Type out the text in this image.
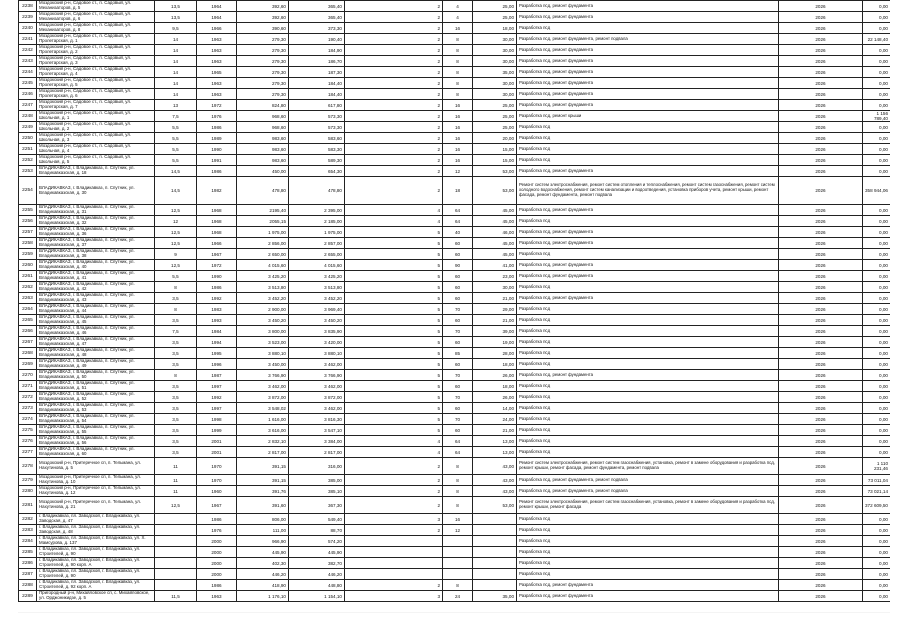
2238	Моздокский р-н, Садовое ст., п. Садовый, ул. Механизаторов, д. 5	13,5	1964	392,60	365,40	2	4	25,00	Разработка псд, ремонт фундамента	2026	0,00
2239	Моздокский р-н, Садовое ст., п. Садовый, ул. Механизаторов, д. 6	13,5	1964	392,60	365,40	2	4	25,00	Разработка псд, ремонт фундамента	2026	0,00
2240	Моздокский р-н, Садовое ст., п. Садовый, ул. Механизаторов, д. 8	9,5	1966	390,60	373,30	2	16	18,00	Разработка псд	2026	0,00
2241	Моздокский р-н, Садовое ст., п. Садовый, ул. Пролетарская, д. 1	14	1963	279,30	190,40	2	8	30,00	Разработка псд, ремонт фундамента, ремонт подвала	2026	22 148,40
2242	Моздокский р-н, Садовое ст., п. Садовый, ул. Пролетарская, д. 2	14	1963	279,30	184,90	2	8	30,00	Разработка псд, ремонт фундамента	2026	0,00
2243	Моздокский р-н, Садовое ст., п. Садовый, ул. Пролетарская, д. 3	14	1963	279,30	186,70	2	8	30,00	Разработка псд, ремонт фундамента	2026	0,00
2244	Моздокский р-н, Садовое ст., п. Садовый, ул. Пролетарская, д. 4	14	1965	279,30	187,30	2	8	35,00	Разработка псд, ремонт фундамента	2026	0,00
2245	Моздокский р-н, Садовое ст., п. Садовый, ул. Пролетарская, д. 5	14	1963	279,30	184,40	2	8	30,00	Разработка псд, ремонт фундамента	2026	0,00
2246	Моздокский р-н, Садовое ст., п. Садовый, ул. Пролетарская, д. 6	14	1963	279,30	184,40	2	8	30,00	Разработка псд, ремонт фундамента	2026	0,00
2247	Моздокский р-н, Садовое ст., п. Садовый, ул. Пролетарская, д. 7	13	1972	824,80	617,80	2	16	25,00	Разработка псд, ремонт фундамента	2026	0,00
2248	Моздокский р-н, Садовое ст., п. Садовый, ул. Школьная, д. 1	7,5	1976	968,60	573,30	2	16	25,00	Разработка псд, ремонт крыши	2026	1 156 789,40
2249	Моздокский р-н, Садовое ст., п. Садовый, ул. Школьная, д. 2	5,5	1986	968,60	573,30	2	16	25,00	Разработка псд	2026	0,00
2250	Моздокский р-н, Садовое ст., п. Садовый, ул. Школьная, д. 3	5,5	1989	983,60	583,60	2	16	20,00	Разработка псд	2026	0,00
2251	Моздокский р-н, Садовое ст., п. Садовый, ул. Школьная, д. 4	5,5	1990	983,60	583,30	2	16	15,00	Разработка псд	2026	0,00
2252	Моздокский р-н, Садовое ст., п. Садовый, ул. Школьная, д. 5	5,5	1991	983,60	589,30	2	16	15,00	Разработка псд	2026	0,00
2253	ВЛАДИКАВКАЗ, г. Владикавказ, п. Спутник, ул. Владикавказская, д. 18	14,5	1986	450,00	654,30	2	12	53,00	Разработка псд, ремонт фундамента	2026	0,00
2254	ВЛАДИКАВКАЗ, г. Владикавказ, п. Спутник, ул. Владикавказская, д. 30	14,5	1982	478,80	478,80	2	18	53,00	Ремонт систем электроснабжения, ремонт систем отопления и теплоснабжения, ремонт систем газоснабжения, ремонт систем холодного водоснабжения, ремонт систем канализации и водоотведения, установка приборов учета, ремонт крыши, ремонт фасада, ремонт фундамента, ремонт подвала	2026	358 944,06
2255	ВЛАДИКАВКАЗ, г. Владикавказ, п. Спутник, ул. Владикавказская, д. 31	12,5	1968	2195,40	2 395,00	4	64	45,00	Разработка псд, ремонт фундамента	2026	0,00
2256	ВЛАДИКАВКАЗ, г. Владикавказ, п. Спутник, ул. Владикавказская, д. 32	12	1968	2055,15	2 185,00	4	64	45,00	Разработка псд	2026	0,00
2257	ВЛАДИКАВКАЗ, г. Владикавказ, п. Спутник, ул. Владикавказская, д. 36	12,5	1968	1 975,00	1 975,00	5	40	46,00	Разработка псд, ремонт фундамента	2026	0,00
2258	ВЛАДИКАВКАЗ, г. Владикавказ, п. Спутник, ул. Владикавказская, д. 37	12,5	1966	2 856,00	2 857,00	5	60	45,00	Разработка псд, ремонт фундамента	2026	0,00
2259	ВЛАДИКАВКАЗ, г. Владикавказ, п. Спутник, ул. Владикавказская, д. 38	9	1967	2 650,00	2 655,00	5	60	45,00	Разработка псд	2026	0,00
2260	ВЛАДИКАВКАЗ, г. Владикавказ, п. Спутник, ул. Владикавказская, д. 40	12,5	1972	4 015,60	4 015,60	5	90	41,00	Разработка псд, ремонт фундамента	2026	0,00
2261	ВЛАДИКАВКАЗ, г. Владикавказ, п. Спутник, ул. Владикавказская, д. 41	5,5	1990	3 425,20	3 425,20	5	60	23,00	Разработка псд, ремонт фундамента	2026	0,00
2262	ВЛАДИКАВКАЗ, г. Владикавказ, п. Спутник, ул. Владикавказская, д. 42	8	1986	3 513,80	3 513,80	5	60	30,00	Разработка псд	2026	0,00
2263	ВЛАДИКАВКАЗ, г. Владикавказ, п. Спутник, ул. Владикавказская, д. 43	3,5	1992	3 452,20	3 452,20	5	60	21,00	Разработка псд, ремонт фундамента	2026	0,00
2264	ВЛАДИКАВКАЗ, г. Владикавказ, п. Спутник, ул. Владикавказская, д. 44	8	1983	2 900,00	3 969,40	5	70	29,00	Разработка псд	2026	0,00
2265	ВЛАДИКАВКАЗ, г. Владикавказ, п. Спутник, ул. Владикавказская, д. 45	3,5	1993	3 450,20	3 450,20	5	60	21,00	Разработка псд	2026	0,00
2266	ВЛАДИКАВКАЗ, г. Владикавказ, п. Спутник, ул. Владикавказская, д. 46	7,5	1984	3 800,00	3 835,90	5	70	39,00	Разработка псд	2026	0,00
2267	ВЛАДИКАВКАЗ, г. Владикавказ, п. Спутник, ул. Владикавказская, д. 47	3,5	1994	3 523,00	3 420,00	5	60	19,00	Разработка псд	2026	0,00
2268	ВЛАДИКАВКАЗ, г. Владикавказ, п. Спутник, ул. Владикавказская, д. 48	3,5	1995	3 880,10	3 880,10	5	85	28,00	Разработка псд	2026	0,00
2269	ВЛАДИКАВКАЗ, г. Владикавказ, п. Спутник, ул. Владикавказская, д. 49	3,5	1996	3 450,00	3 462,00	5	60	18,00	Разработка псд	2026	0,00
2270	ВЛАДИКАВКАЗ, г. Владикавказ, п. Спутник, ул. Владикавказская, д. 50	8	1987	3 766,90	3 766,90	5	70	26,00	Разработка псд, ремонт фундамента	2026	0,00
2271	ВЛАДИКАВКАЗ, г. Владикавказ, п. Спутник, ул. Владикавказская, д. 51	3,5	1997	3 462,00	3 462,00	5	60	18,00	Разработка псд	2026	0,00
2272	ВЛАДИКАВКАЗ, г. Владикавказ, п. Спутник, ул. Владикавказская, д. 52	3,5	1992	3 872,00	3 872,00	5	70	26,00	Разработка псд	2026	0,00
2273	ВЛАДИКАВКАЗ, г. Владикавказ, п. Спутник, ул. Владикавказская, д. 53	3,5	1997	3 548,02	3 462,00	5	60	14,00	Разработка псд	2026	0,00
2274	ВЛАДИКАВКАЗ, г. Владикавказ, п. Спутник, ул. Владикавказская, д. 54	3,5	1998	1 616,00	3 816,30	5	70	24,00	Разработка псд	2026	0,00
2275	ВЛАДИКАВКАЗ, г. Владикавказ, п. Спутник, ул. Владикавказская, д. 55	3,5	1999	3 616,00	3 547,10	5	60	21,00	Разработка псд	2026	0,00
2276	ВЛАДИКАВКАЗ, г. Владикавказ, п. Спутник, ул. Владикавказская, д. 56	3,5	2001	2 832,10	3 384,00	4	64	13,00	Разработка псд	2026	0,00
2277	ВЛАДИКАВКАЗ, г. Владикавказ, п. Спутник, ул. Владикавказская, д. 60	3,5	2001	2 817,00	2 817,00	4	64	13,00	Разработка псд	2026	0,00
2278	Моздокский р-н, Притеречное сп, п. Тельмана, ул. Нахутинова, д. 5	11	1970	391,15	316,00	2	8	43,00	Ремонт систем электроснабжения, ремонт систем газоснабжения, установка, ремонт в замене оборудования и разработка псд, ремонт крыши, ремонт фасада, ремонт фундамента, ремонт подвала	2026	1 110 231,46
2279	Моздокский р-н, Притеречное сп, п. Тельмана, ул. Нахутинова, д. 10	11	1970	391,15	385,00	2	8	43,00	Разработка псд, ремонт фундамента, ремонт подвала	2026	73 011,04
2280	Моздокский р-н, Притеречное сп, п. Тельмана, ул. Нахутинова, д. 12	11	1960	391,76	385,10	2	8	43,00	Разработка псд, ремонт фундамента, ремонт подвала	2026	73 021,14
2281	Моздокский р-н, Притеречное сп, п. Тельмана, ул. Нахутинова, д. 21	12,5	1967	391,60	367,30	2	8	53,00	Ремонт систем электроснабжения, ремонт систем газоснабжения, установка, ремонт в замене оборудования и разработка псд, ремонт крыши, ремонт фасада	2026	372 609,50
2282	г. Владикавказ, пл. Заводской, г. Владикавказ, ул. Заводская, д. 47		1986	806,00	549,40	3	16		Разработка псд	2026	0,00
2283	г. Владикавказ, пл. Заводской, г. Владикавказ, ул. Заводская, д. 48		1976	111,00	88,70	2	12		Разработка псд	2026	0,00
2284	г. Владикавказ, пл. Заводской, г. Владикавказ, ул. Х. Мамсурова, д. 137		2000	966,90	574,20				Разработка псд	2026	0,00
2285	г. Владикавказ, пл. Заводской, г. Владикавказ, ул. Строителей, д. 90		2000	445,90	445,90				Разработка псд	2026	0,00
2286	г. Владикавказ, пл. Заводской, г. Владикавказ, ул. Строителей, д. 90 корп. А		2000	402,30	382,70				Разработка псд	2026	0,00
2287	г. Владикавказ, пл. Заводской, г. Владикавказ, ул. Строителей, д. 90		2000	446,20	446,20				Разработка псд	2026	0,00
2288	г. Владикавказ, пл. Заводской, г. Владикавказ, ул. Строителей, д. 92 корп. А		1986	418,90	448,80	2	8		Разработка псд, ремонт фундамента	2026	0,00
2289	Пригородный р-н, Михайловское сп, с. Михайловское, ул. Орджоникидзе, д. 5	11,5	1963	1 176,10	1 154,10	3	24	35,00	Разработка псд, ремонт фундамента	2026	0,00
